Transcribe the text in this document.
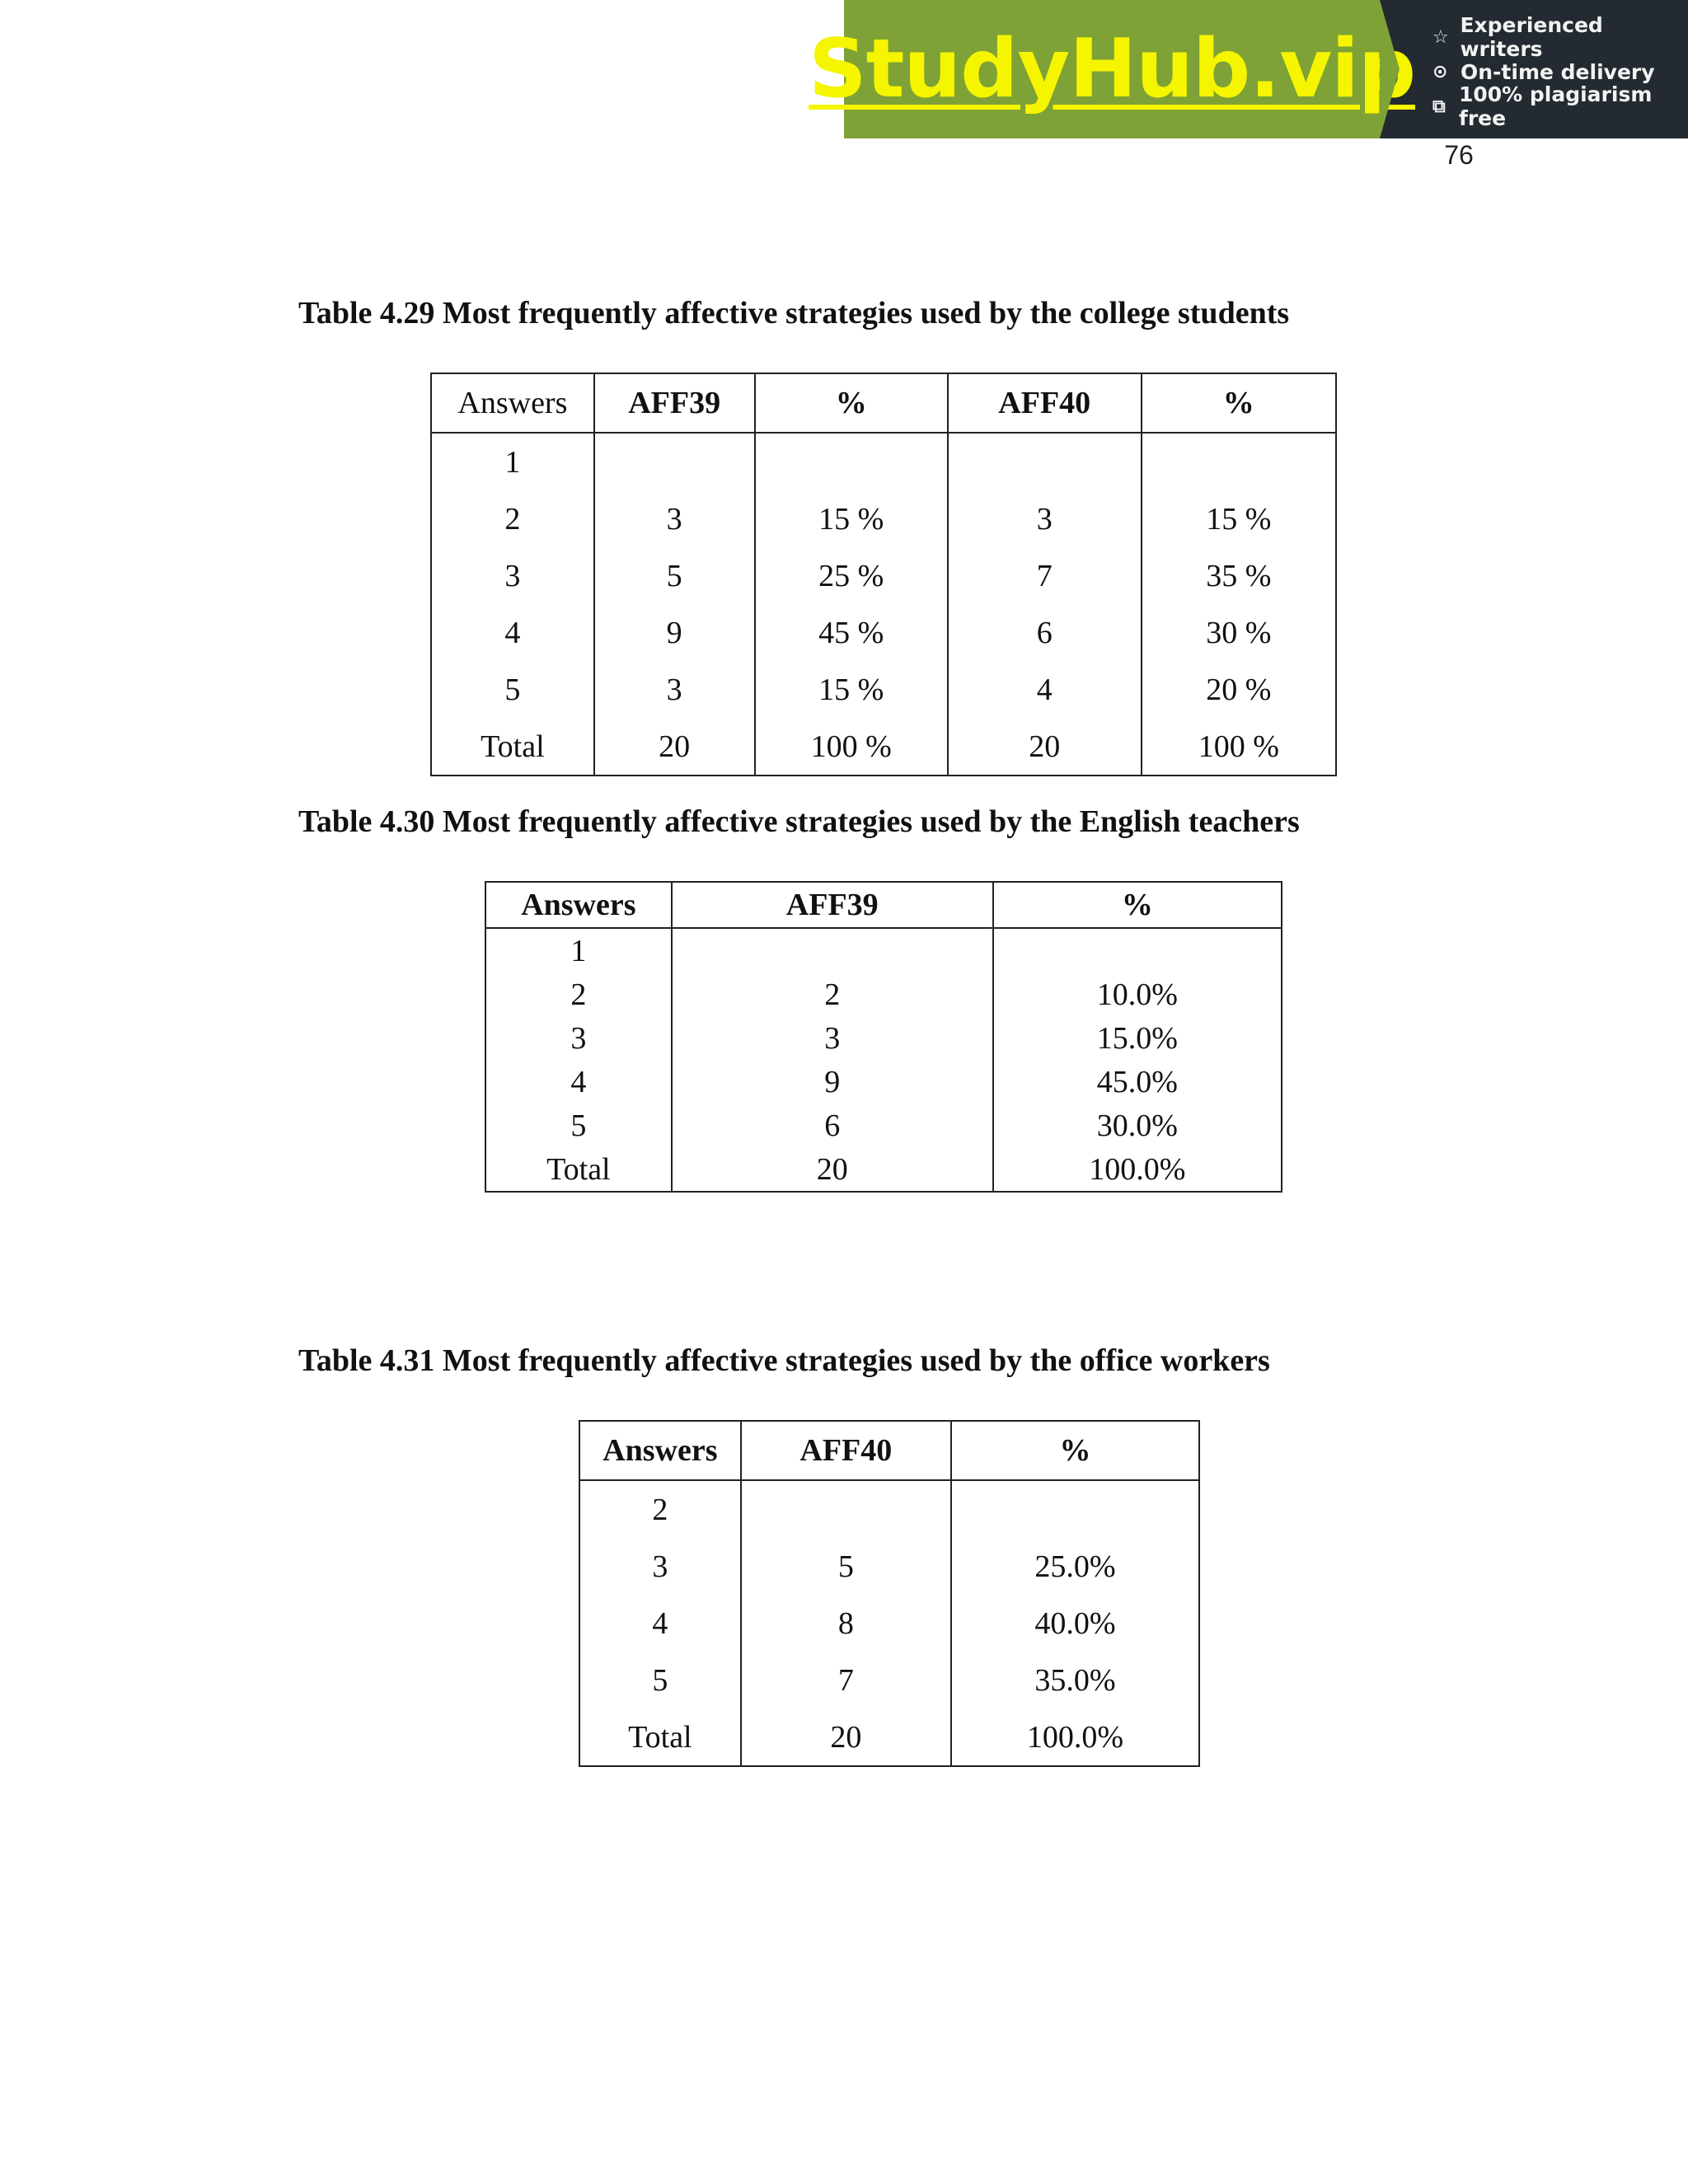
StudyHub.vip ☆ Experienced writers
⊙ On-time delivery
⧉ 100% plagiarism free
76
Table 4.29 Most frequently affective strategies used by the college students
Answers	AFF39	%	AFF40	%
1				
2	3	15 %	3	15 %
3	5	25 %	7	35 %
4	9	45 %	6	30 %
5	3	15 %	4	20 %
Total	20	100 %	20	100 %
Table 4.30 Most frequently affective strategies used by the English teachers
Answers	AFF39	%
1		
2	2	10.0%
3	3	15.0%
4	9	45.0%
5	6	30.0%
Total	20	100.0%
Table 4.31 Most frequently affective strategies used by the office workers
Answers	AFF40	%
2		
3	5	25.0%
4	8	40.0%
5	7	35.0%
Total	20	100.0%
